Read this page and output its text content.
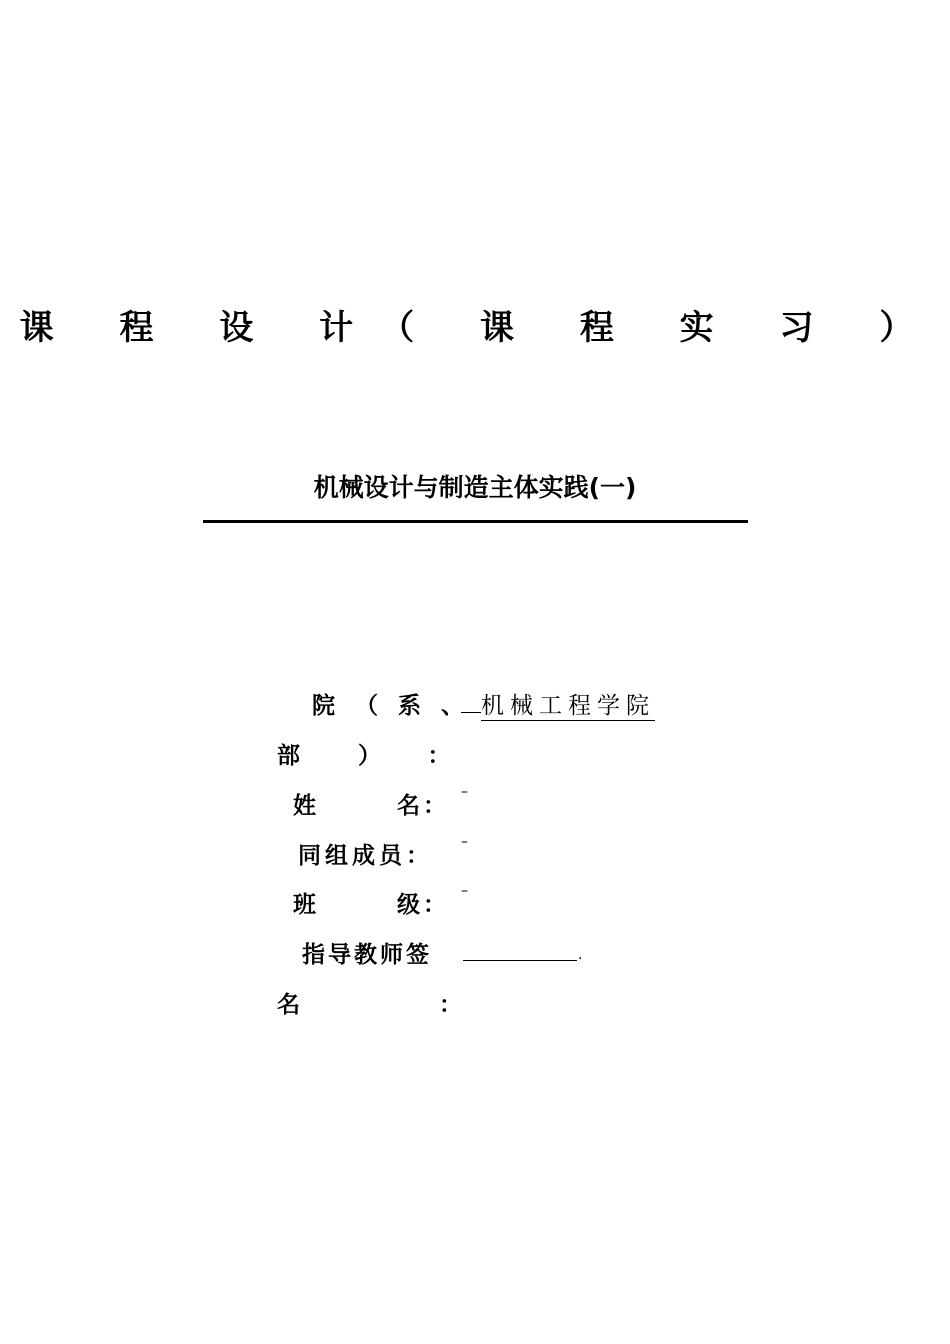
课 程 设 计（ 课 程 实 习 ）
机械设计与制造主体实践(一)
院 （ 系 、 机械工程学院
部　　）　　：
姓　　　名：
–
同组成员：
–
班　　　级：
–
指导教师签	.
名　　　　　：
